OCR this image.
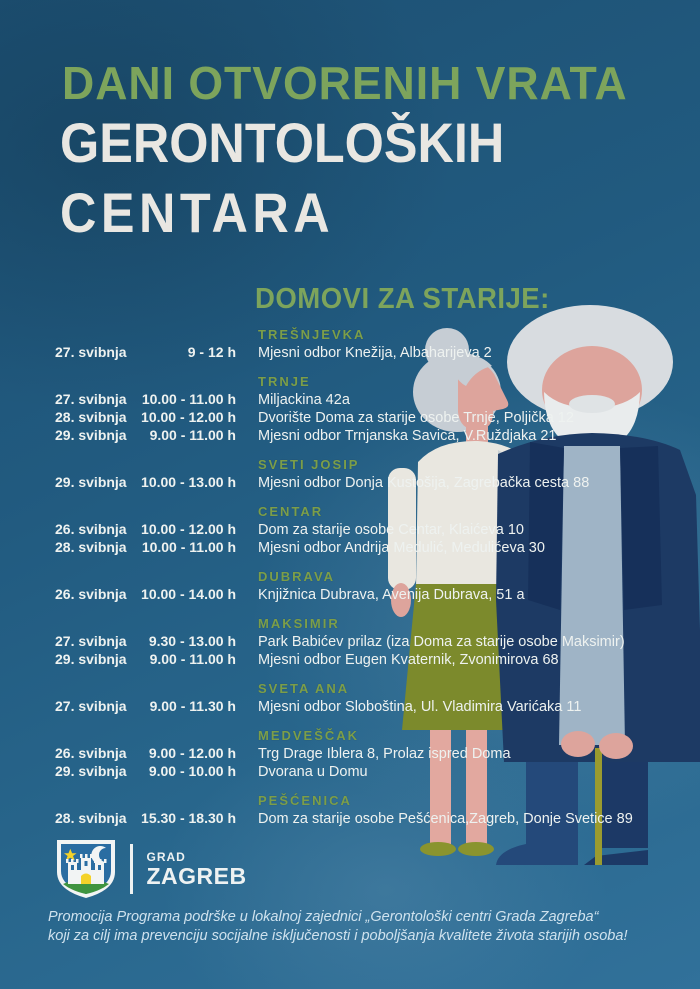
DANI OTVORENIH VRATA
GERONTOLOŠKIH
CENTARA
DOMOVI ZA STARIJE:
TREŠNJEVKA
27. svibnja	9 - 12 h Mjesni odbor Knežija, Albaharijeva 2
TRNJE
27. svibnja 10.00 - 11.00 h Miljackina 42a
28. svibnja 10.00 - 12.00 h Dvorište Doma za starije osobe Trnje, Poljička 12
29. svibnja 9.00 - 11.00 h Mjesni odbor Trnjanska Savica, V.Ruždjaka 21
SVETI JOSIP
29. svibnja 10.00 - 13.00 h Mjesni odbor Donja Kustošija, Zagrebačka cesta 88
CENTAR
26. svibnja 10.00 - 12.00 h Dom za starije osobe Centar, Klaićeva 10
28. svibnja 10.00 - 11.00 h Mjesni odbor Andrija Medulić, Medulićeva 30
DUBRAVA
26. svibnja 10.00 - 14.00 h Knjižnica Dubrava, Avenija Dubrava, 51 a
MAKSIMIR
27. svibnja 9.30 - 13.00 h Park Babićev prilaz (iza Doma za starije osobe Maksimir)
29. svibnja 9.00 - 11.00 h Mjesni odbor Eugen Kvaternik, Zvonimirova 68
SVETA ANA
27. svibnja 9.00 - 11.30 h Mjesni odbor Sloboština, Ul. Vladimira Varićaka 11
MEDVEŠČAK
26. svibnja 9.00 - 12.00 h Trg Drage Iblera 8, Prolaz ispred Doma
29. svibnja 9.00 - 10.00 h Dvorana u Domu
PEŠĆENICA
28. svibnja 15.30 - 18.30 h Dom za starije osobe Pešćenica,Zagreb, Donje Svetice 89
GRAD
ZAGREB
Promocija Programa podrške u lokalnoj zajednici „Gerontološki centri Grada Zagreba“
koji za cilj ima prevenciju socijalne isključenosti i poboljšanja kvalitete života starijih osoba!
